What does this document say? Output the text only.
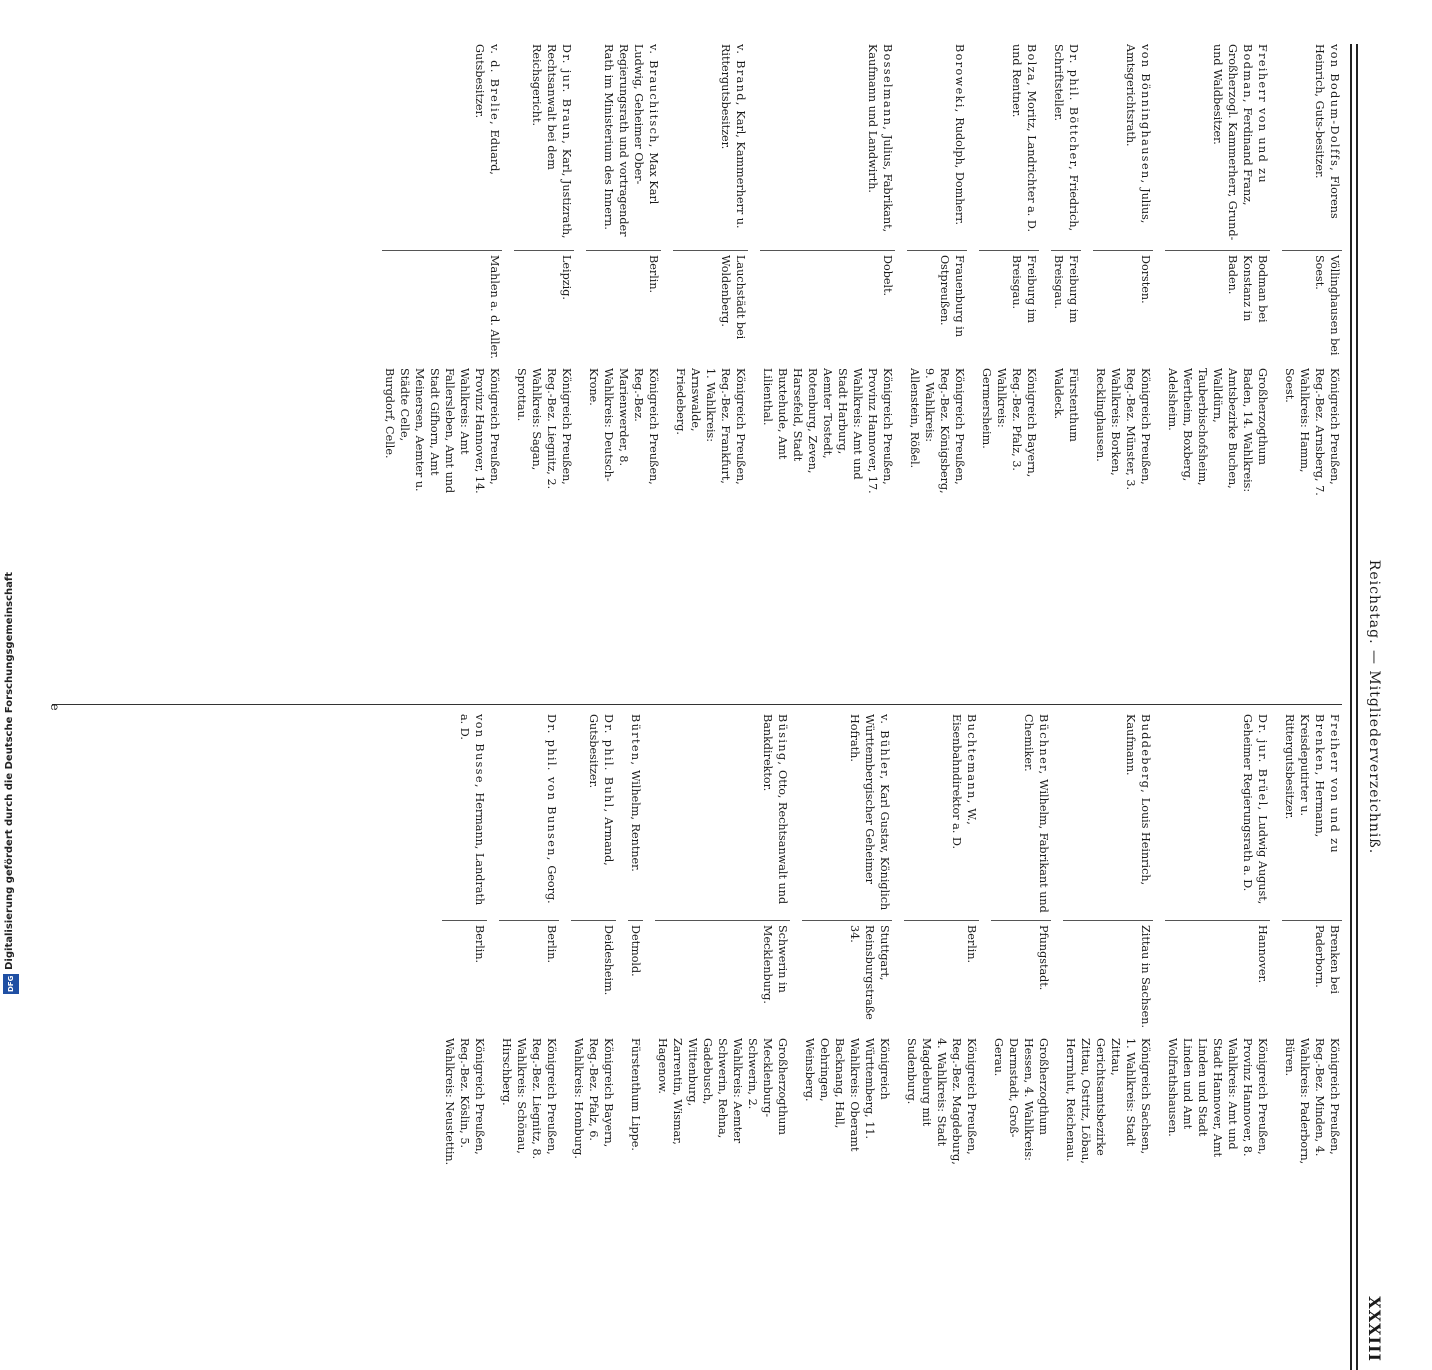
Reichstag. — Mitgliederverzeichniß.
XXXIII
von Bodum-Dolffs, Florens Heinrich, Guts-besitzer.
Völlinghausen bei Soest.
Königreich Preußen, Reg.-Bez. Arnsberg, 7. Wahlkreis: Hamm, Soest.
Freiherr von und zu Bodman, Ferdinand Franz, Großherzogl. Kammerherr, Grund- und Waldbesitzer.
Bodman bei Konstanz in Baden.
Großherzogthum Baden, 14. Wahlkreis: Amtsbezirke Buchen, Walldürn, Tauberbischofsheim, Wertheim, Boxberg, Adelsheim.
von Bönninghausen, Julius, Amtsgerichtsrath.
Dorsten.
Königreich Preußen, Reg.-Bez. Münster, 3. Wahlkreis: Borken, Recklinghausen.
Dr. phil. Böttcher, Friedrich, Schriftsteller.
Freiburg im Breisgau.
Fürstenthum Waldeck.
Bolza, Moritz, Landrichter a. D. und Rentner.
Freiburg im Breisgau.
Königreich Bayern, Reg.-Bez. Pfalz, 3. Wahlkreis: Germersheim.
Boroweki, Rudolph, Domherr.
Frauenburg in Ostpreußen.
Königreich Preußen, Reg.-Bez. Königsberg, 9. Wahlkreis: Allenstein, Rößel.
Bosselmann, Julius, Fabrikant, Kaufmann und Landwirth.
Dobelt.
Königreich Preußen, Provinz Hannover, 17. Wahlkreis: Amt und Stadt Harburg, Aemter Tostedt, Rotenburg, Zeven, Harsefeld, Stadt Buxtehude, Amt Lilienthal.
v. Brand, Karl, Kammerherr u. Rittergutsbesitzer.
Lauchstädt bei Woldenberg.
Königreich Preußen, Reg.-Bez. Frankfurt, 1. Wahlkreis: Arnswalde, Friedeberg.
v. Brauchitsch, Max Karl Ludwig, Geheimer Ober-Regierungsrath und vortragender Rath im Ministerium des Innern.
Berlin.
Königreich Preußen, Reg.-Bez. Marienwerder, 8. Wahlkreis: Deutsch-Krone.
Dr. jur. Braun, Karl, Justizrath, Rechtsanwalt bei dem Reichsgericht.
Leipzig.
Königreich Preußen, Reg.-Bez. Liegnitz, 2. Wahlkreis: Sagan, Sprottau.
v. d. Brelie, Eduard, Gutsbesitzer.
Mahlen a. d. Aller.
Königreich Preußen, Provinz Hannover, 14. Wahlkreis: Amt Fallersleben, Amt und Stadt Gifhorn, Amt Meinersen, Aemter u. Städte Celle, Burgdorf, Celle.
Freiherr von und zu Brenken, Hermann, Kreisdeputirter u. Rittergutsbesitzer.
Brenken bei Paderborn.
Königreich Preußen, Reg.-Bez. Minden, 4. Wahlkreis: Paderborn, Büren.
Dr. jur. Brüel, Ludwig August, Geheimer Regierungsrath a. D.
Hannover.
Königreich Preußen, Provinz Hannover, 8. Wahlkreis: Amt und Stadt Hannover, Amt Linden und Stadt Linden und Amt Wolfrathshausen.
Buddeberg, Louis Heinrich, Kaufmann.
Zittau in Sachsen.
Königreich Sachsen, 1. Wahlkreis: Stadt Zittau, Gerichtsamtsbezirke Zittau, Ostritz, Löbau, Herrnhut, Reichenau.
Büchner, Wilhelm, Fabrikant und Chemiker.
Pfungstadt.
Großherzogthum Hessen, 4. Wahlkreis: Darmstadt, Groß-Gerau.
Buchtemann, W., Eisenbahndirektor a. D.
Berlin.
Königreich Preußen, Reg.-Bez. Magdeburg, 4. Wahlkreis: Stadt Magdeburg mit Sudenburg.
v. Bühler, Karl Gustav, Königlich Württembergischer Geheimer Hofrath.
Stuttgart, Reinsburgstraße 34.
Königreich Württemberg, 11. Wahlkreis: Oberamt Backnang, Hall, Oehringen, Weinsberg.
Büsing, Otto, Rechtsanwalt und Bankdirektor.
Schwerin in Mecklenburg.
Großherzogthum Mecklenburg-Schwerin, 2. Wahlkreis: Aemter Schwerin, Rehna, Gadebusch, Wittenburg, Zarrentin, Wismar, Hagenow.
Bürten, Wilhelm, Rentner.
Detmold.
Fürstenthum Lippe.
Dr. phil. Buhl, Armand, Gutsbesitzer.
Deidesheim.
Königreich Bayern, Reg.-Bez. Pfalz, 6. Wahlkreis: Homburg.
Dr. phil. von Bunsen, Georg.
Berlin.
Königreich Preußen, Reg.-Bez. Liegnitz, 8. Wahlkreis: Schönau, Hirschberg.
von Busse, Hermann, Landrath a. D.
Berlin.
Königreich Preußen, Reg.-Bez. Köslin, 5. Wahlkreis: Neustettin.
e
Digitalisierung gefördert durch die Deutsche Forschungsgemeinschaft
DFG
